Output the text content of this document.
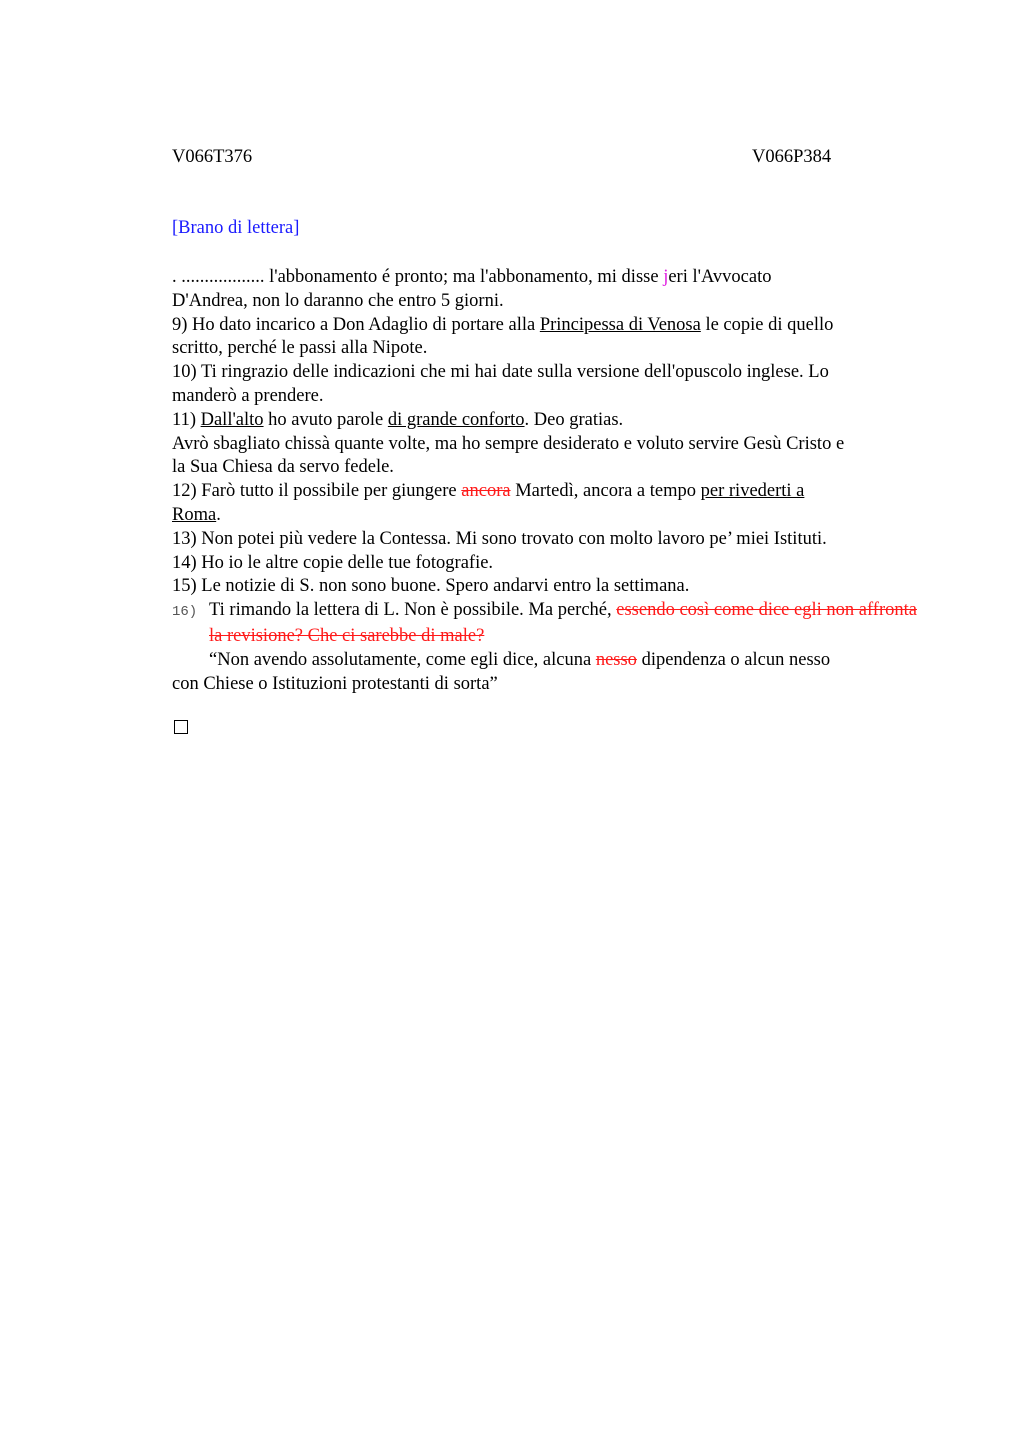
V066T376	V066P384
[Brano di lettera]
. .................. l'abbonamento é pronto; ma l'abbonamento, mi disse jeri l'Avvocato
D'Andrea, non lo daranno che entro 5 giorni.
9) Ho dato incarico a Don Adaglio di portare alla Principessa di Venosa le copie di quello
scritto, perché le passi alla Nipote.
10) Ti ringrazio delle indicazioni che mi hai date sulla versione dell'opuscolo inglese. Lo
manderò a prendere.
11) Dall'alto ho avuto parole di grande conforto. Deo gratias.
Avrò sbagliato chissà quante volte, ma ho sempre desiderato e voluto servire Gesù Cristo e
la Sua Chiesa da servo fedele.
12) Farò tutto il possibile per giungere ancora Martedì, ancora a tempo per rivederti a
Roma.
13) Non potei più vedere la Contessa. Mi sono trovato con molto lavoro pe’ miei Istituti.
14) Ho io le altre copie delle tue fotografie.
15) Le notizie di S. non sono buone. Spero andarvi entro la settimana.
16) Ti rimando la lettera di L. Non è possibile. Ma perché, essendo così come dice egli non affronta la revisione? Che ci sarebbe di male?
“Non avendo assolutamente, come egli dice, alcuna nesso dipendenza o alcun nesso
con Chiese o Istituzioni protestanti di sorta”
